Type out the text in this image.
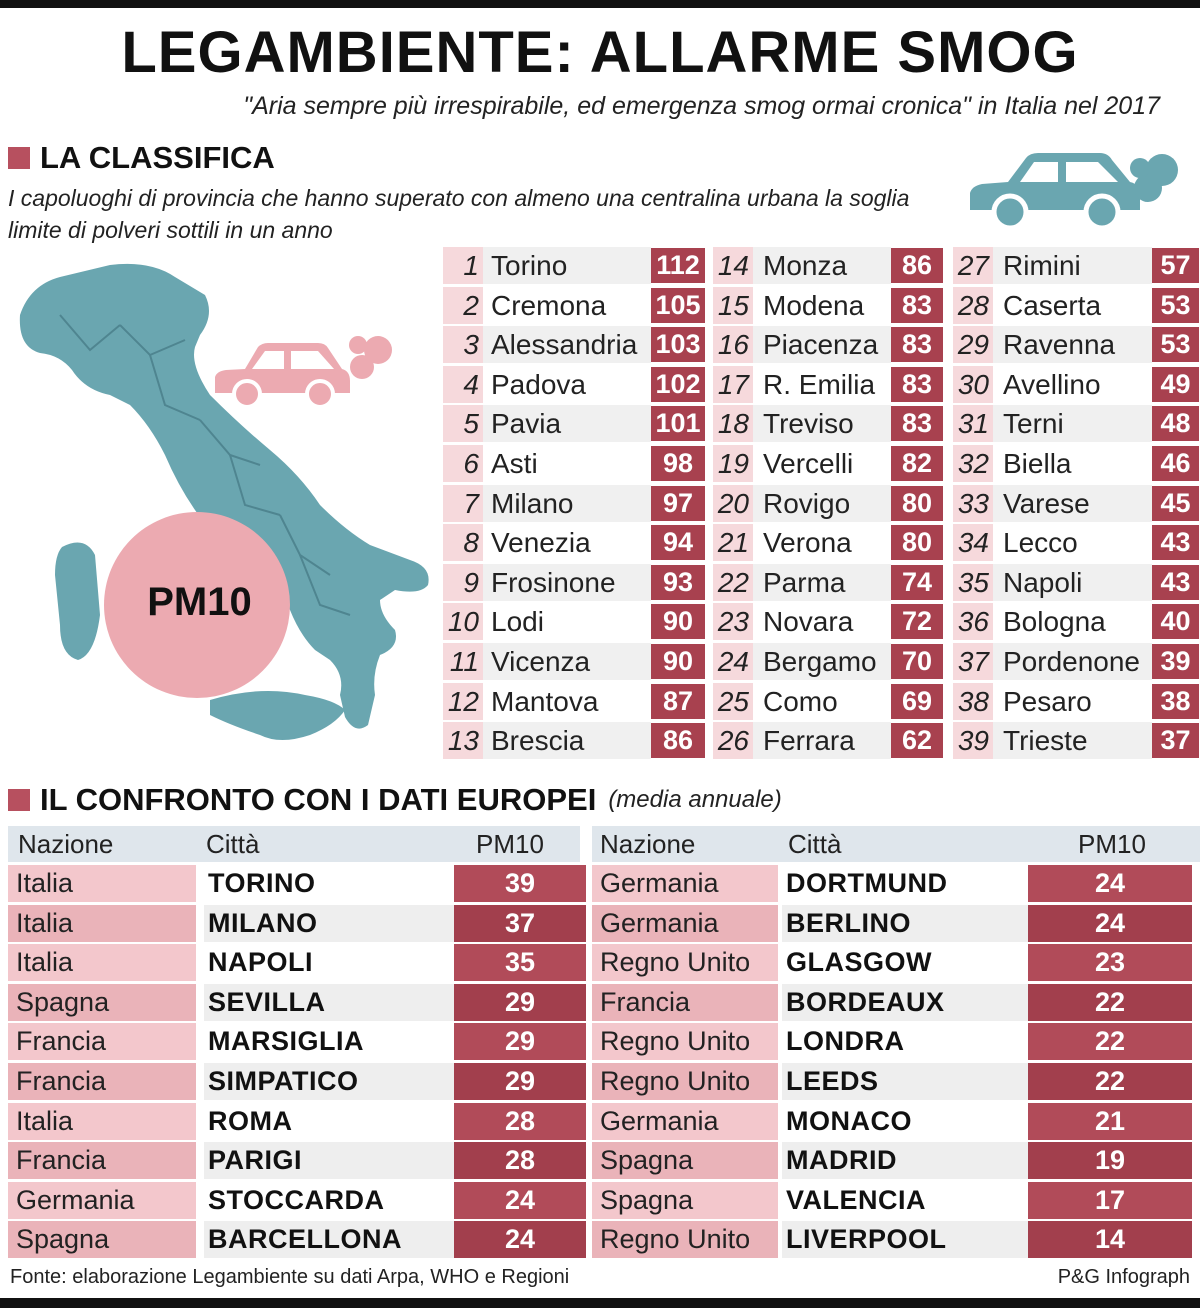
LEGAMBIENTE: ALLARME SMOG
"Aria sempre più irrespirabile, ed emergenza smog ormai cronica" in Italia nel 2017
LA CLASSIFICA
I capoluoghi di provincia che hanno superato con almeno una centralina urbana la soglia limite di polveri sottili in un anno
PM10
1 Torino	112
2 Cremona 105
3 Alessandria 103
4 Padova	102
5 Pavia	101
6 Asti	98
7 Milano	97
8 Venezia	94
9 Frosinone	93
10 Lodi	90
11 Vicenza	90
12 Mantova	87
13 Brescia	86
14 Monza	86
15 Modena	83
16 Piacenza 83
17 R. Emilia 83
18 Treviso	83
19 Vercelli	82
20 Rovigo	80
21 Verona	80
22 Parma	74
23 Novara	72
24 Bergamo 70
25 Como	69
26 Ferrara	62
27 Rimini	57
28 Caserta	53
29 Ravenna	53
30 Avellino	49
31 Terni	48
32 Biella	46
33 Varese	45
34 Lecco	43
35 Napoli	43
36 Bologna	40
37 Pordenone 39
38 Pesaro	38
39 Trieste	37
IL CONFRONTO CON I DATI EUROPEI (media annuale)
Nazione	Città	PM10 Nazione	Città	PM10
Italia	TORINO	39
Italia	MILANO	37
Italia	NAPOLI	35
Spagna	SEVILLA	29
Francia	MARSIGLIA	29
Francia	SIMPATICO	29
Italia	ROMA	28
Francia	PARIGI	28
Germania	STOCCARDA	24
Spagna	BARCELLONA	24
Germania	DORTMUND	24
Germania	BERLINO	24
Regno Unito	GLASGOW	23
Francia	BORDEAUX	22
Regno Unito	LONDRA	22
Regno Unito	LEEDS	22
Germania	MONACO	21
Spagna	MADRID	19
Spagna	VALENCIA	17
Regno Unito	LIVERPOOL	14
Fonte: elaborazione Legambiente su dati Arpa, WHO e Regioni	P&G Infograph
